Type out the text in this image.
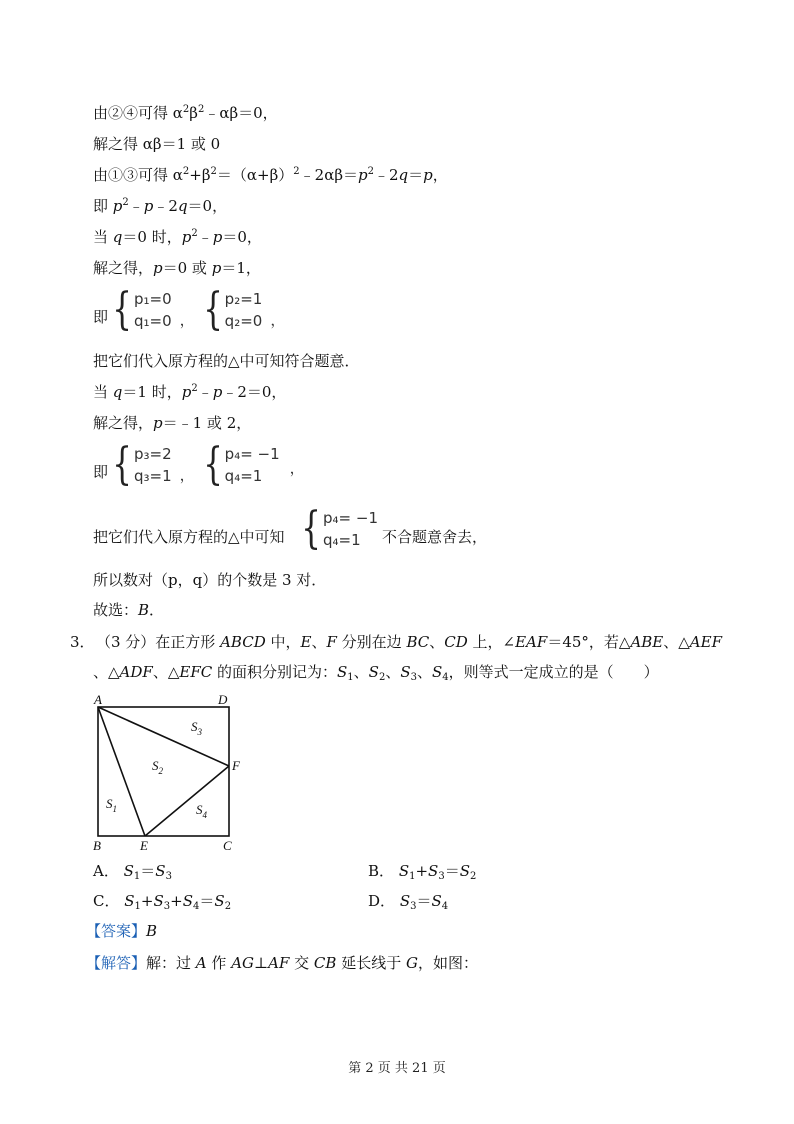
由②④可得 $\alpha^2\beta^2﹣\alpha\beta=0$，
解之得 αβ＝1 或 0
由①③可得 $\alpha^2+\beta^2=(\alpha+\beta)^2﹣2\alpha\beta=p^2﹣2q=p$，
即 $p^2﹣p﹣2q=0$，
当 q＝0 时，$p^2﹣p=0$，
解之得，p＝0 或 p＝1，
即 { p₁=0
q₁=0 ， { p₂=1
q₂=0 ，
把它们代入原方程的△中可知符合题意．
当 q＝1 时，$p^2﹣p﹣2=0$，
解之得，p＝﹣1 或 2，
即 { p₃=2
q₃=1 ， { p₄= −1
q₄=1	，
把它们代入原方程的△中可知 { p₄= −1
q₄=1	不合题意舍去，
所以数对（p，q）的个数是 3 对．
故选：B．
3． （3 分）在正方形 ABCD 中，E、F 分别在边 BC、CD 上，∠EAF＝45°，若△ABE、△AEF
、△ADF、△EFC 的面积分别记为：$S_1$、$S_2$、$S_3$、$S_4$，则等式一定成立的是（　　）
A	D
B	E	C
F
$S_3$
$S_2$
$S_1$	$S_4$
A． $S_1=S_3$	B． $S_1+S_3=S_2$
C． $S_1+S_3+S_4=S_2$	D． $S_3=S_4$
【答案】B
【解答】解：过 A 作 AG⊥AF 交 CB 延长线于 G，如图：
第 2 页 共 21 页
